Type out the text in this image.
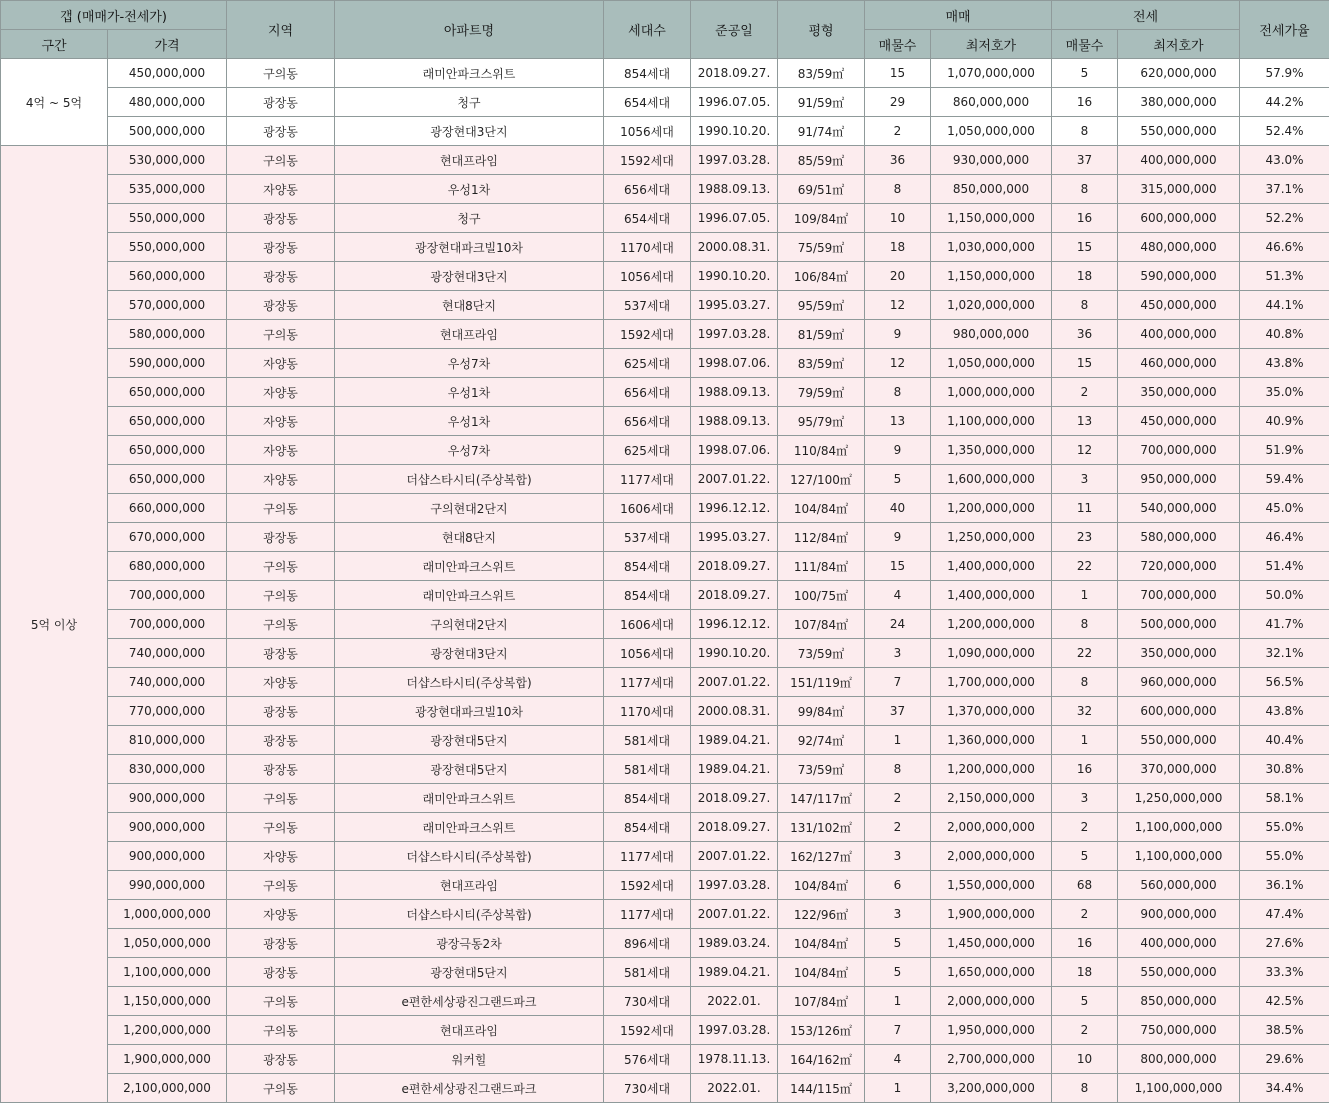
갭 (매매가-전세가)		지역	아파트명	세대수	준공일	평형	매매		전세		전세가율
구간	가격						매물수	최저호가	매물수	최저호가	
4억 ~ 5억	450,000,000	구의동	래미안파크스위트	854세대	2018.09.27.	83/59㎡	15	1,070,000,000	5	620,000,000	57.9%
	480,000,000	광장동	청구	654세대	1996.07.05.	91/59㎡	29	860,000,000	16	380,000,000	44.2%
	500,000,000	광장동	광장현대3단지	1056세대	1990.10.20.	91/74㎡	2	1,050,000,000	8	550,000,000	52.4%
5억 이상	530,000,000	구의동	현대프라임	1592세대	1997.03.28.	85/59㎡	36	930,000,000	37	400,000,000	43.0%
	535,000,000	자양동	우성1차	656세대	1988.09.13.	69/51㎡	8	850,000,000	8	315,000,000	37.1%
	550,000,000	광장동	청구	654세대	1996.07.05.	109/84㎡	10	1,150,000,000	16	600,000,000	52.2%
	550,000,000	광장동	광장현대파크빌10차	1170세대	2000.08.31.	75/59㎡	18	1,030,000,000	15	480,000,000	46.6%
	560,000,000	광장동	광장현대3단지	1056세대	1990.10.20.	106/84㎡	20	1,150,000,000	18	590,000,000	51.3%
	570,000,000	광장동	현대8단지	537세대	1995.03.27.	95/59㎡	12	1,020,000,000	8	450,000,000	44.1%
	580,000,000	구의동	현대프라임	1592세대	1997.03.28.	81/59㎡	9	980,000,000	36	400,000,000	40.8%
	590,000,000	자양동	우성7차	625세대	1998.07.06.	83/59㎡	12	1,050,000,000	15	460,000,000	43.8%
	650,000,000	자양동	우성1차	656세대	1988.09.13.	79/59㎡	8	1,000,000,000	2	350,000,000	35.0%
	650,000,000	자양동	우성1차	656세대	1988.09.13.	95/79㎡	13	1,100,000,000	13	450,000,000	40.9%
	650,000,000	자양동	우성7차	625세대	1998.07.06.	110/84㎡	9	1,350,000,000	12	700,000,000	51.9%
	650,000,000	자양동	더샵스타시티(주상복합)	1177세대	2007.01.22.	127/100㎡	5	1,600,000,000	3	950,000,000	59.4%
	660,000,000	구의동	구의현대2단지	1606세대	1996.12.12.	104/84㎡	40	1,200,000,000	11	540,000,000	45.0%
	670,000,000	광장동	현대8단지	537세대	1995.03.27.	112/84㎡	9	1,250,000,000	23	580,000,000	46.4%
	680,000,000	구의동	래미안파크스위트	854세대	2018.09.27.	111/84㎡	15	1,400,000,000	22	720,000,000	51.4%
	700,000,000	구의동	래미안파크스위트	854세대	2018.09.27.	100/75㎡	4	1,400,000,000	1	700,000,000	50.0%
	700,000,000	구의동	구의현대2단지	1606세대	1996.12.12.	107/84㎡	24	1,200,000,000	8	500,000,000	41.7%
	740,000,000	광장동	광장현대3단지	1056세대	1990.10.20.	73/59㎡	3	1,090,000,000	22	350,000,000	32.1%
	740,000,000	자양동	더샵스타시티(주상복합)	1177세대	2007.01.22.	151/119㎡	7	1,700,000,000	8	960,000,000	56.5%
	770,000,000	광장동	광장현대파크빌10차	1170세대	2000.08.31.	99/84㎡	37	1,370,000,000	32	600,000,000	43.8%
	810,000,000	광장동	광장현대5단지	581세대	1989.04.21.	92/74㎡	1	1,360,000,000	1	550,000,000	40.4%
	830,000,000	광장동	광장현대5단지	581세대	1989.04.21.	73/59㎡	8	1,200,000,000	16	370,000,000	30.8%
	900,000,000	구의동	래미안파크스위트	854세대	2018.09.27.	147/117㎡	2	2,150,000,000	3	1,250,000,000	58.1%
	900,000,000	구의동	래미안파크스위트	854세대	2018.09.27.	131/102㎡	2	2,000,000,000	2	1,100,000,000	55.0%
	900,000,000	자양동	더샵스타시티(주상복합)	1177세대	2007.01.22.	162/127㎡	3	2,000,000,000	5	1,100,000,000	55.0%
	990,000,000	구의동	현대프라임	1592세대	1997.03.28.	104/84㎡	6	1,550,000,000	68	560,000,000	36.1%
	1,000,000,000	자양동	더샵스타시티(주상복합)	1177세대	2007.01.22.	122/96㎡	3	1,900,000,000	2	900,000,000	47.4%
	1,050,000,000	광장동	광장극동2차	896세대	1989.03.24.	104/84㎡	5	1,450,000,000	16	400,000,000	27.6%
	1,100,000,000	광장동	광장현대5단지	581세대	1989.04.21.	104/84㎡	5	1,650,000,000	18	550,000,000	33.3%
	1,150,000,000	구의동	e편한세상광진그랜드파크	730세대	2022.01.	107/84㎡	1	2,000,000,000	5	850,000,000	42.5%
	1,200,000,000	구의동	현대프라임	1592세대	1997.03.28.	153/126㎡	7	1,950,000,000	2	750,000,000	38.5%
	1,900,000,000	광장동	워커힐	576세대	1978.11.13.	164/162㎡	4	2,700,000,000	10	800,000,000	29.6%
	2,100,000,000	구의동	e편한세상광진그랜드파크	730세대	2022.01.	144/115㎡	1	3,200,000,000	8	1,100,000,000	34.4%
